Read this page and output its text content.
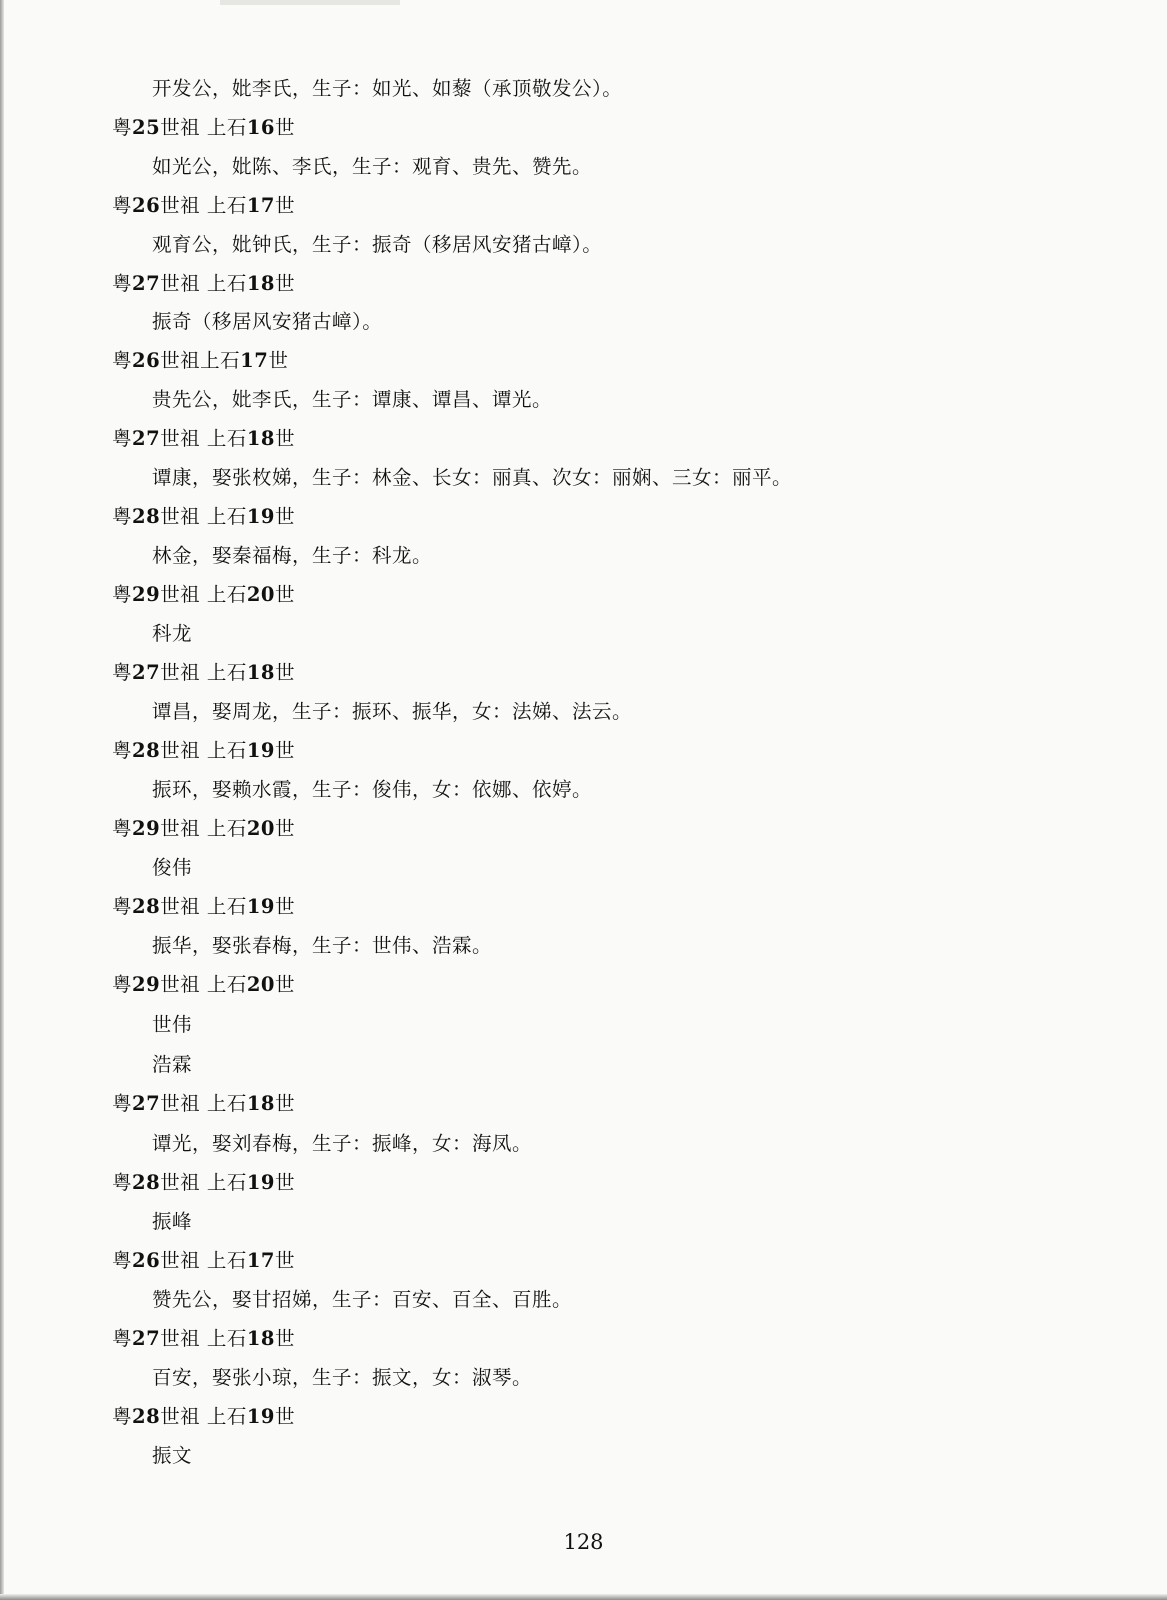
开发公，妣李氏，生子：如光、如藜（承顶敬发公）。
粤25世祖 上石16世
如光公，妣陈、李氏，生子：观育、贵先、赞先。
粤26世祖 上石17世
观育公，妣钟氏，生子：振奇（移居风安猪古嶂）。
粤27世祖 上石18世
振奇（移居风安猪古嶂）。
粤26世祖上石17世
贵先公，妣李氏，生子：谭康、谭昌、谭光。
粤27世祖 上石18世
谭康，娶张枚娣，生子：林金、长女：丽真、次女：丽娴、三女：丽平。
粤28世祖 上石19世
林金，娶秦福梅，生子：科龙。
粤29世祖 上石20世
科龙
粤27世祖 上石18世
谭昌，娶周龙，生子：振环、振华，女：法娣、法云。
粤28世祖 上石19世
振环，娶赖水霞，生子：俊伟，女：依娜、依婷。
粤29世祖 上石20世
俊伟
粤28世祖 上石19世
振华，娶张春梅，生子：世伟、浩霖。
粤29世祖 上石20世
世伟
浩霖
粤27世祖 上石18世
谭光，娶刘春梅，生子：振峰，女：海凤。
粤28世祖 上石19世
振峰
粤26世祖 上石17世
赞先公，娶甘招娣，生子：百安、百全、百胜。
粤27世祖 上石18世
百安，娶张小琼，生子：振文，女：淑琴。
粤28世祖 上石19世
振文
128
